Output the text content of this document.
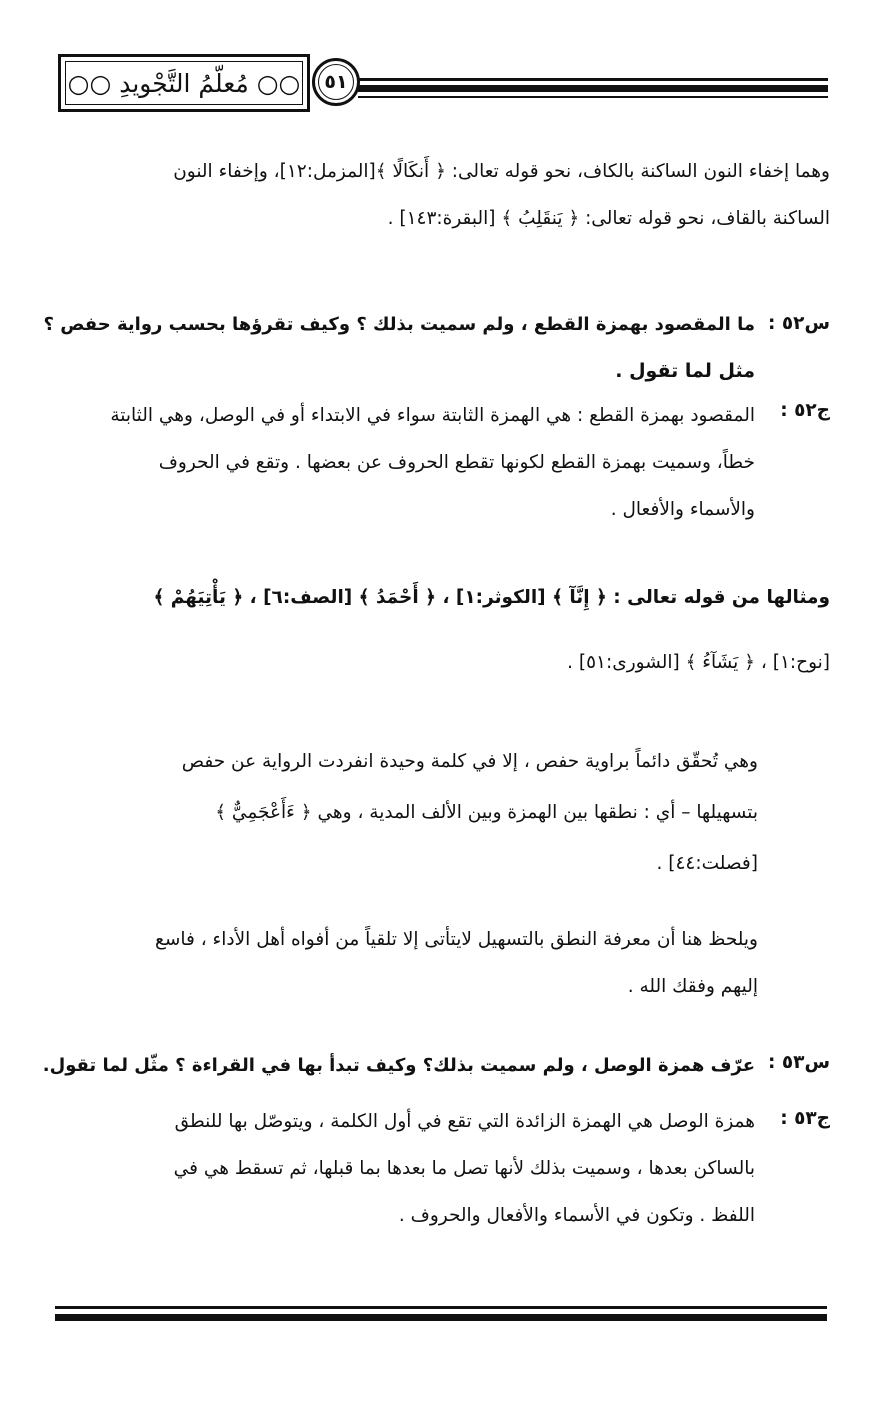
٥١
○○ مُعلّمُ التَّجْويدِ ○○
وهما إخفاء النون الساكنة بالكاف، نحو قوله تعالى: ﴿ أَنكَالًا ﴾[المزمل:١٢]، وإخفاء النون
الساكنة بالقاف، نحو قوله تعالى: ﴿ يَنقَلِبُ ﴾ [البقرة:١٤٣] .
س٥٢ :
ما المقصود بهمزة القطع ، ولم سميت بذلك ؟ وكيف تقرؤها بحسب رواية حفص ؟
مثل لما تقول .
ج٥٢ :
المقصود بهمزة القطع : هي الهمزة الثابتة سواء في الابتداء أو في الوصل، وهي الثابتة
خطاً، وسميت بهمزة القطع لكونها تقطع الحروف عن بعضها . وتقع في الحروف
والأسماء والأفعال .
ومثالها من قوله تعالى : ﴿ إِنَّآ ﴾ [الكوثر:١] ، ﴿ أَحْمَدُ ﴾ [الصف:٦] ، ﴿ يَأْتِيَهُمْ ﴾
[نوح:١] ، ﴿ يَشَآءُ ﴾ [الشورى:٥١] .
وهي تُحقّق دائماً براوية حفص ، إلا في كلمة وحيدة انفردت الرواية عن حفص
بتسهيلها – أي : نطقها بين الهمزة وبين الألف المدية ، وهي ﴿ ءَأَعْجَمِيٌّ ﴾
[فصلت:٤٤] .
ويلحظ هنا أن معرفة النطق بالتسهيل لايتأتى إلا تلقياً من أفواه أهل الأداء ، فاسع
إليهم وفقك الله .
س٥٣ :
عرّف همزة الوصل ، ولم سميت بذلك؟ وكيف تبدأ بها في القراءة ؟ مثّل لما تقول.
ج٥٣ :
همزة الوصل هي الهمزة الزائدة التي تقع في أول الكلمة ، ويتوصّل بها للنطق
بالساكن بعدها ، وسميت بذلك لأنها تصل ما بعدها بما قبلها، ثم تسقط هي في
اللفظ . وتكون في الأسماء والأفعال والحروف .
